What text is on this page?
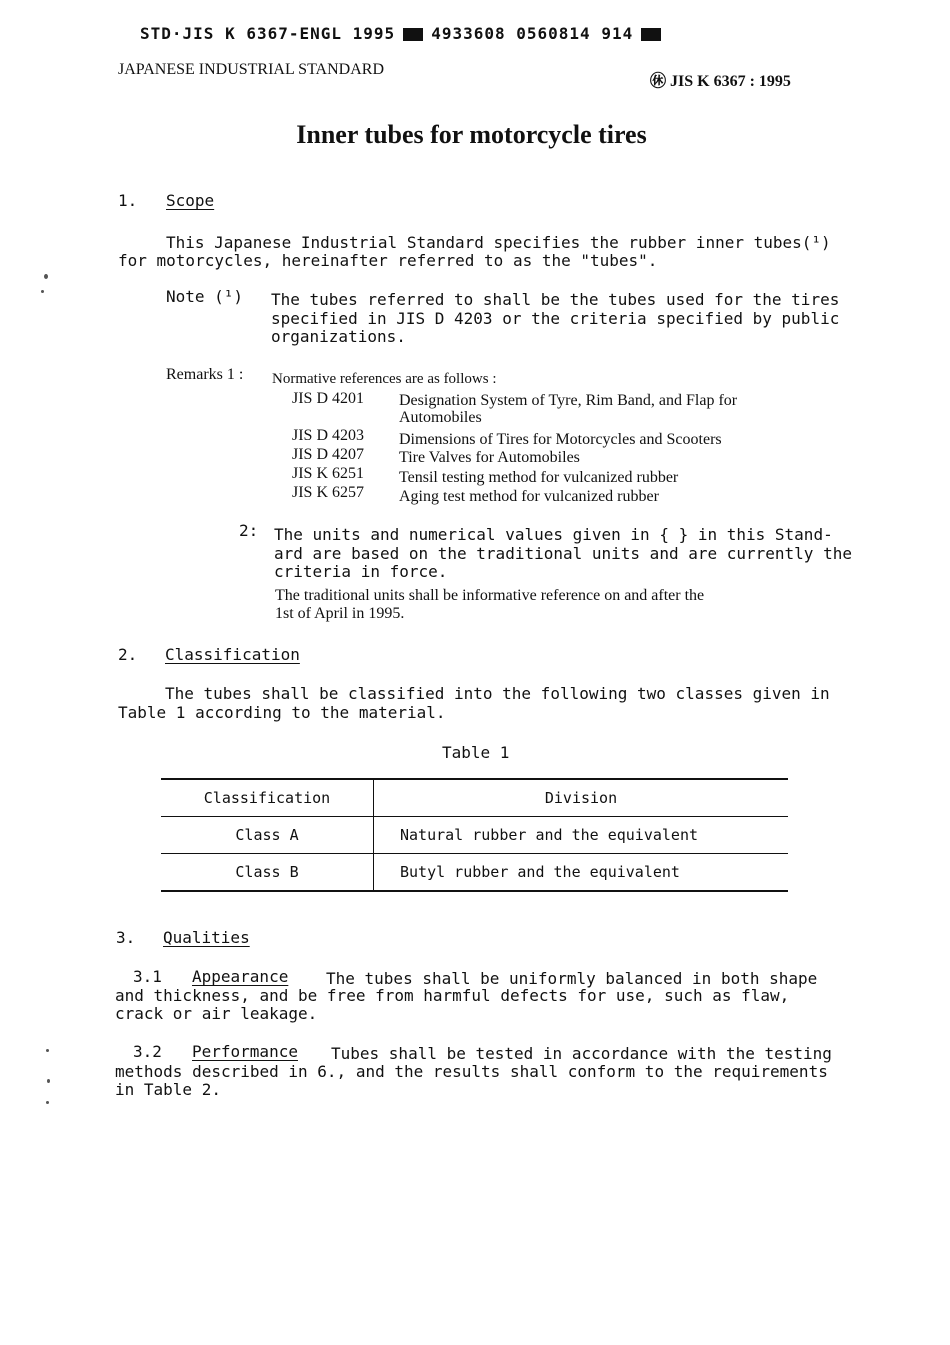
STD·JIS K 6367-ENGL 1995 4933608 0560814 914
JAPANESE INDUSTRIAL STANDARD
㊡ JIS K 6367 : 1995
Inner tubes for motorcycle tires
1. Scope
This Japanese Industrial Standard specifies the rubber inner tubes(¹)
for motorcycles, hereinafter referred to as the "tubes".
Note (¹) The tubes referred to shall be the tubes used for the tires
specified in JIS D 4203 or the criteria specified by public
organizations.
Remarks 1 : Normative references are as follows :
JIS D 4201 Designation System of Tyre, Rim Band, and Flap for
Automobiles
JIS D 4203 Dimensions of Tires for Motorcycles and Scooters
JIS D 4207 Tire Valves for Automobiles
JIS K 6251 Tensil testing method for vulcanized rubber
JIS K 6257 Aging test method for vulcanized rubber
2: The units and numerical values given in { } in this Stand-
ard are based on the traditional units and are currently the
criteria in force.
The traditional units shall be informative reference on and after the
1st of April in 1995.
2. Classification
The tubes shall be classified into the following two classes given in
Table 1 according to the material.
Table 1
Classification	Division
Class A	Natural rubber and the equivalent
Class B	Butyl rubber and the equivalent
3. Qualities
3.1 Appearance The tubes shall be uniformly balanced in both shape
and thickness, and be free from harmful defects for use, such as flaw,
crack or air leakage.
3.2 Performance Tubes shall be tested in accordance with the testing
methods described in 6., and the results shall conform to the requirements
in Table 2.
